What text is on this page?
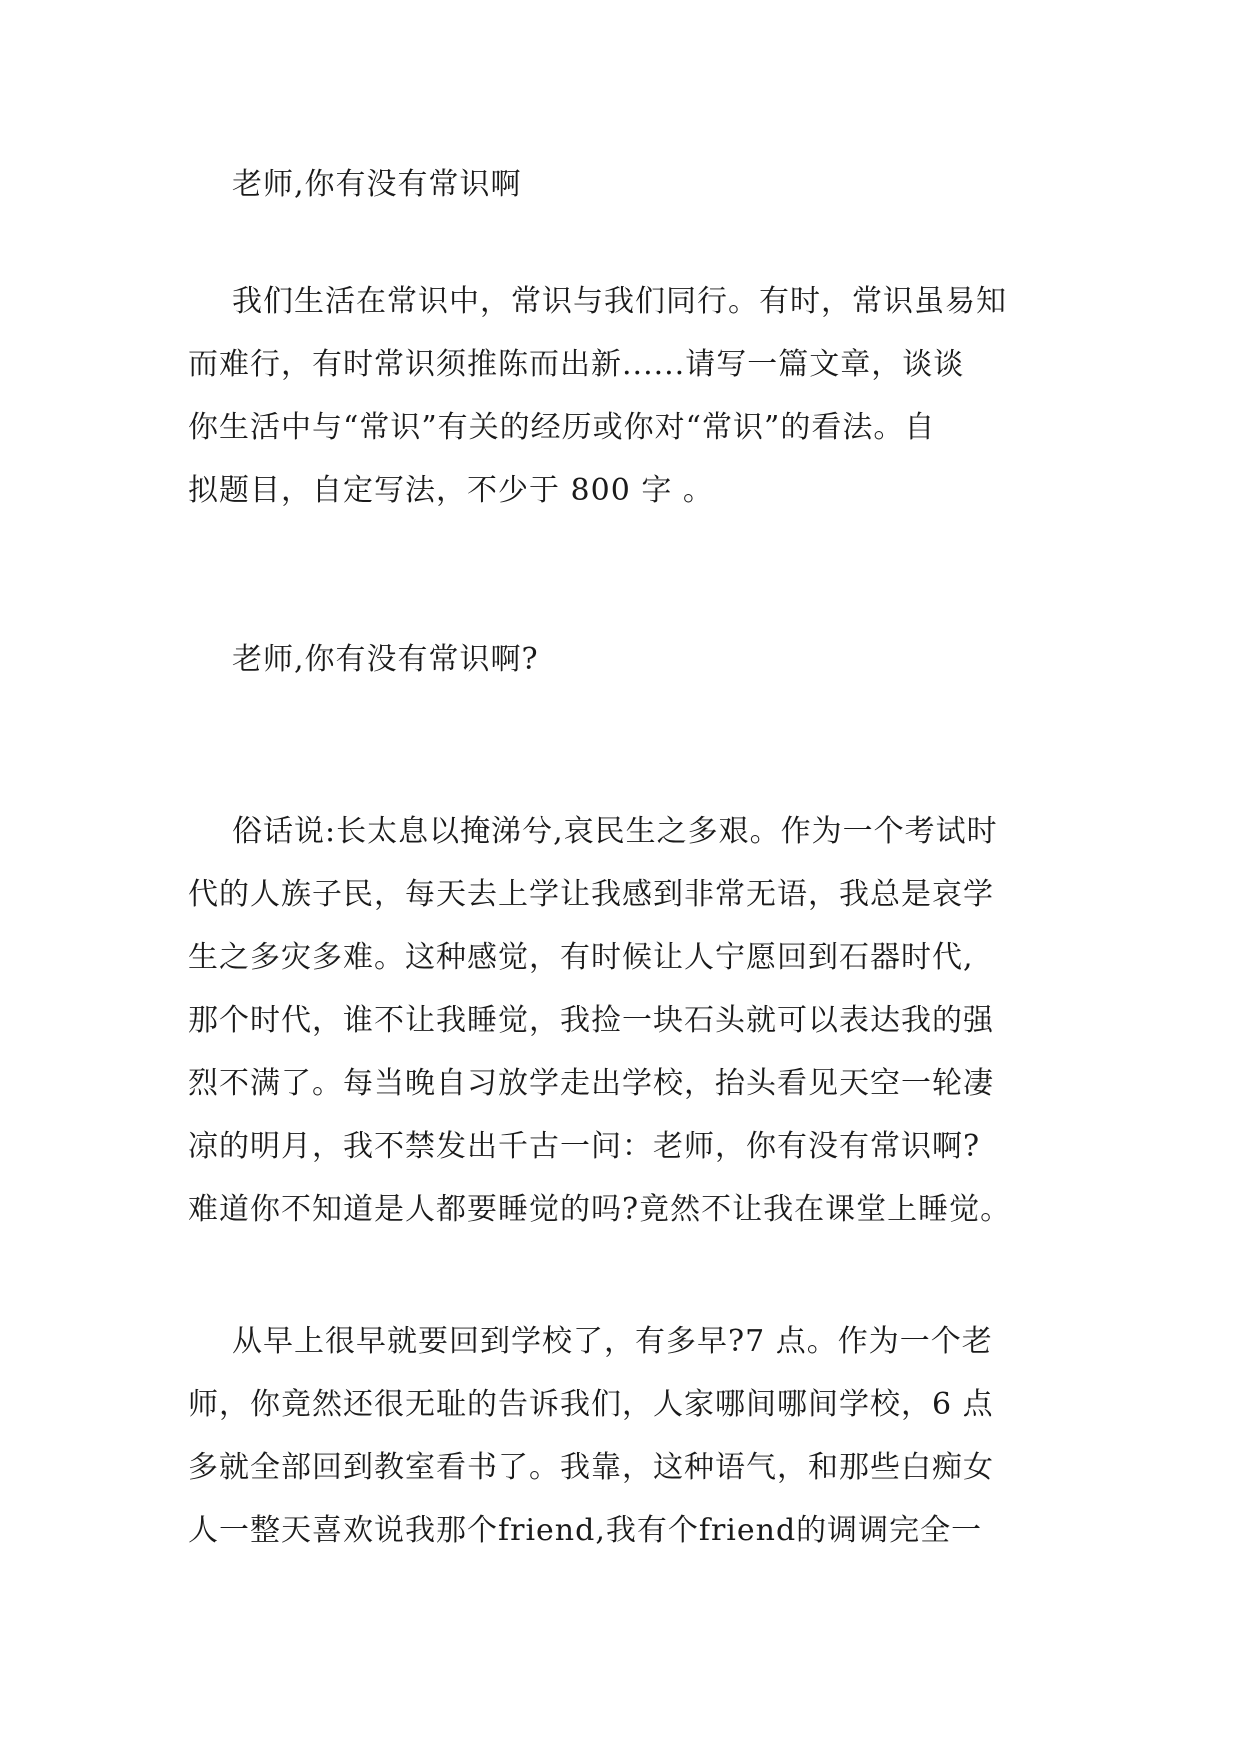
老师,你有没有常识啊
我们生活在常识中，常识与我们同行。有时，常识虽易知
而难行，有时常识须推陈而出新......请写一篇文章，谈谈
你生活中与“常识”有关的经历或你对“常识”的看法。自
拟题目，自定写法，不少于 800 字 。
老师,你有没有常识啊?
俗话说:长太息以掩涕兮,哀民生之多艰。作为一个考试时
代的人族子民，每天去上学让我感到非常无语，我总是哀学
生之多灾多难。这种感觉，有时候让人宁愿回到石器时代,
那个时代，谁不让我睡觉，我捡一块石头就可以表达我的强
烈不满了。每当晚自习放学走出学校，抬头看见天空一轮凄
凉的明月，我不禁发出千古一问：老师，你有没有常识啊?
难道你不知道是人都要睡觉的吗?竟然不让我在课堂上睡觉。
从早上很早就要回到学校了，有多早?7 点。作为一个老
师，你竟然还很无耻的告诉我们，人家哪间哪间学校，6 点
多就全部回到教室看书了。我靠，这种语气，和那些白痴女
人一整天喜欢说我那个friend,我有个friend的调调完全一
